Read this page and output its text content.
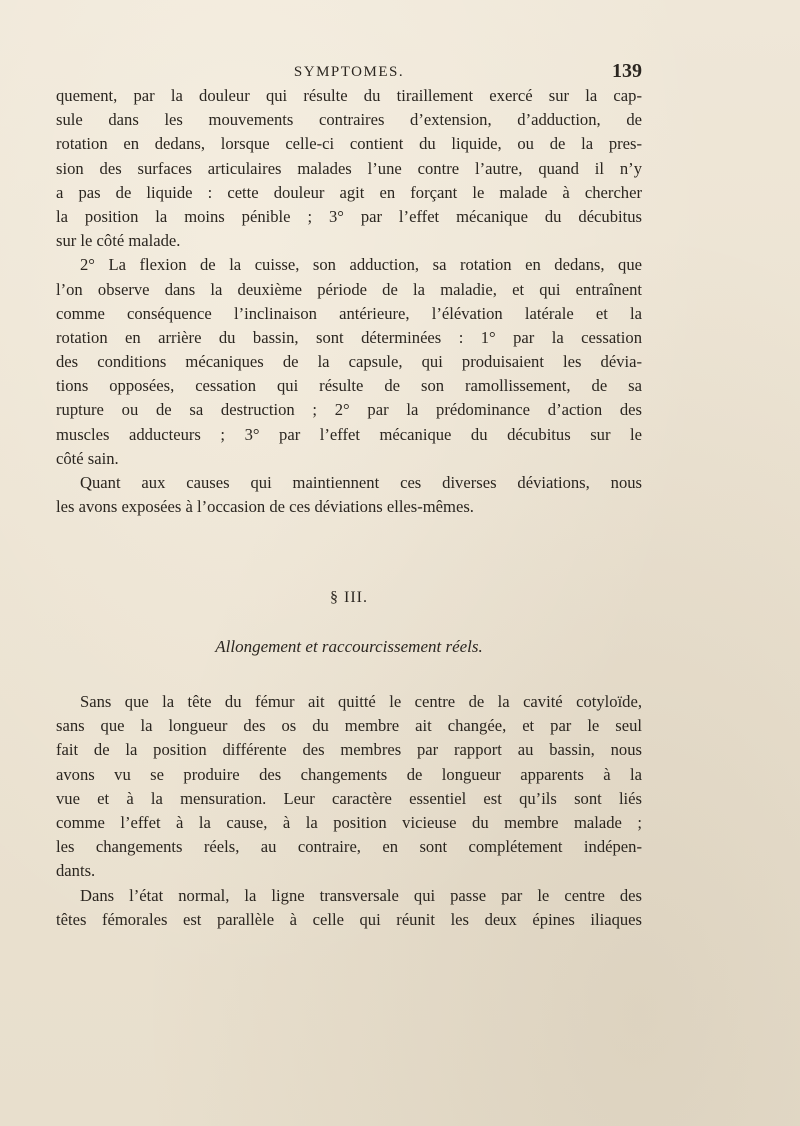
SYMPTOMES.	139
quement, par la douleur qui résulte du tiraillement exercé sur la cap-
sule dans les mouvements contraires d’extension, d’adduction, de
rotation en dedans, lorsque celle-ci contient du liquide, ou de la pres-
sion des surfaces articulaires malades l’une contre l’autre, quand il n’y
a pas de liquide : cette douleur agit en forçant le malade à chercher
la position la moins pénible ; 3° par l’effet mécanique du décubitus
sur le côté malade.
2° La flexion de la cuisse, son adduction, sa rotation en dedans, que
l’on observe dans la deuxième période de la maladie, et qui entraînent
comme conséquence l’inclinaison antérieure, l’élévation latérale et la
rotation en arrière du bassin, sont déterminées : 1° par la cessation
des conditions mécaniques de la capsule, qui produisaient les dévia-
tions opposées, cessation qui résulte de son ramollissement, de sa
rupture ou de sa destruction ; 2° par la prédominance d’action des
muscles adducteurs ; 3° par l’effet mécanique du décubitus sur le
côté sain.
Quant aux causes qui maintiennent ces diverses déviations, nous
les avons exposées à l’occasion de ces déviations elles-mêmes.
§ III.
Allongement et raccourcissement réels.
Sans que la tête du fémur ait quitté le centre de la cavité cotyloïde,
sans que la longueur des os du membre ait changée, et par le seul
fait de la position différente des membres par rapport au bassin, nous
avons vu se produire des changements de longueur apparents à la
vue et à la mensuration. Leur caractère essentiel est qu’ils sont liés
comme l’effet à la cause, à la position vicieuse du membre malade ;
les changements réels, au contraire, en sont complétement indépen-
dants.
Dans l’état normal, la ligne transversale qui passe par le centre des
têtes fémorales est parallèle à celle qui réunit les deux épines iliaques
